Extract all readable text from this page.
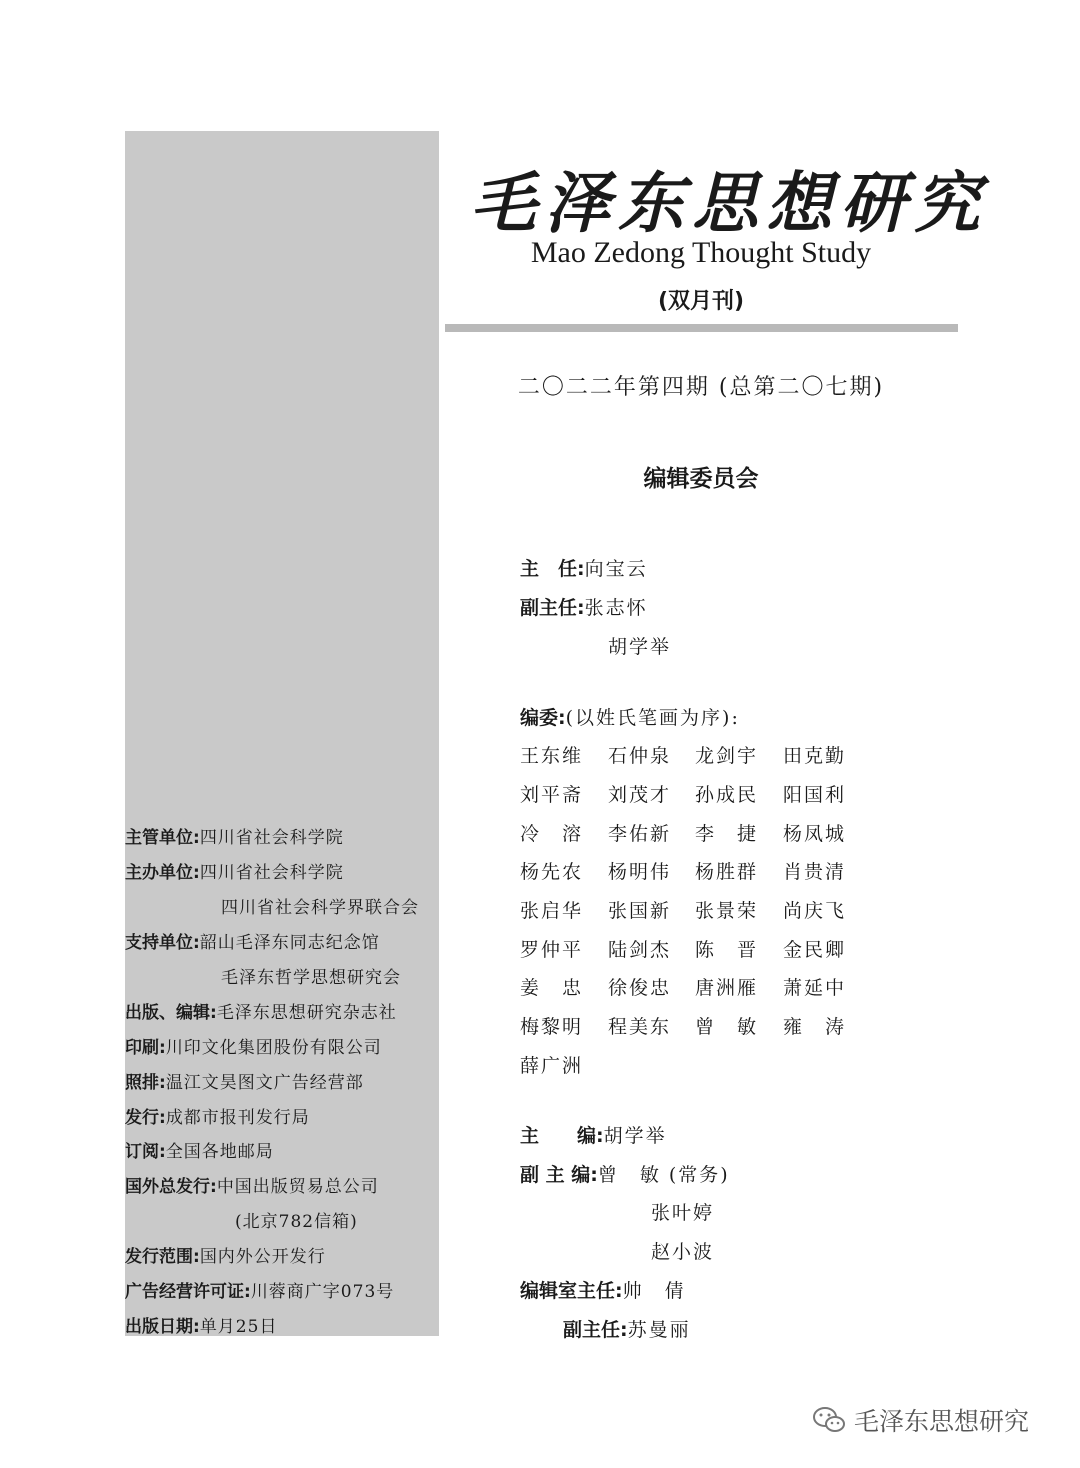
主管单位:四川省社会科学院
主办单位:四川省社会科学院
四川省社会科学界联合会
支持单位:韶山毛泽东同志纪念馆
毛泽东哲学思想研究会
出版、编辑:毛泽东思想研究杂志社
印刷:川印文化集团股份有限公司
照排:温江文昊图文广告经营部
发行:成都市报刊发行局
订阅:全国各地邮局
国外总发行:中国出版贸易总公司
(北京782信箱)
发行范围:国内外公开发行
广告经营许可证:川蓉商广字073号
出版日期:单月25日
毛泽东思想研究
Mao Zedong Thought Study
(双月刊)
二〇二二年第四期 (总第二〇七期)
编辑委员会
主　任:向宝云
副主任:张志怀
胡学举
编委:(以姓氏笔画为序):
王东维 石仲泉 龙剑宇 田克勤
刘平斋 刘茂才 孙成民 阳国利
冷　溶 李佑新 李　捷 杨凤城
杨先农 杨明伟 杨胜群 肖贵清
张启华 张国新 张景荣 尚庆飞
罗仲平 陆剑杰 陈　晋 金民卿
姜　忠 徐俊忠 唐洲雁 萧延中
梅黎明 程美东 曾　敏 雍　涛
薛广洲
主　　编:胡学举
副 主 编:曾　敏 (常务)
张叶婷
赵小波
编辑室主任:帅　倩
副主任:苏曼丽
毛泽东思想研究
